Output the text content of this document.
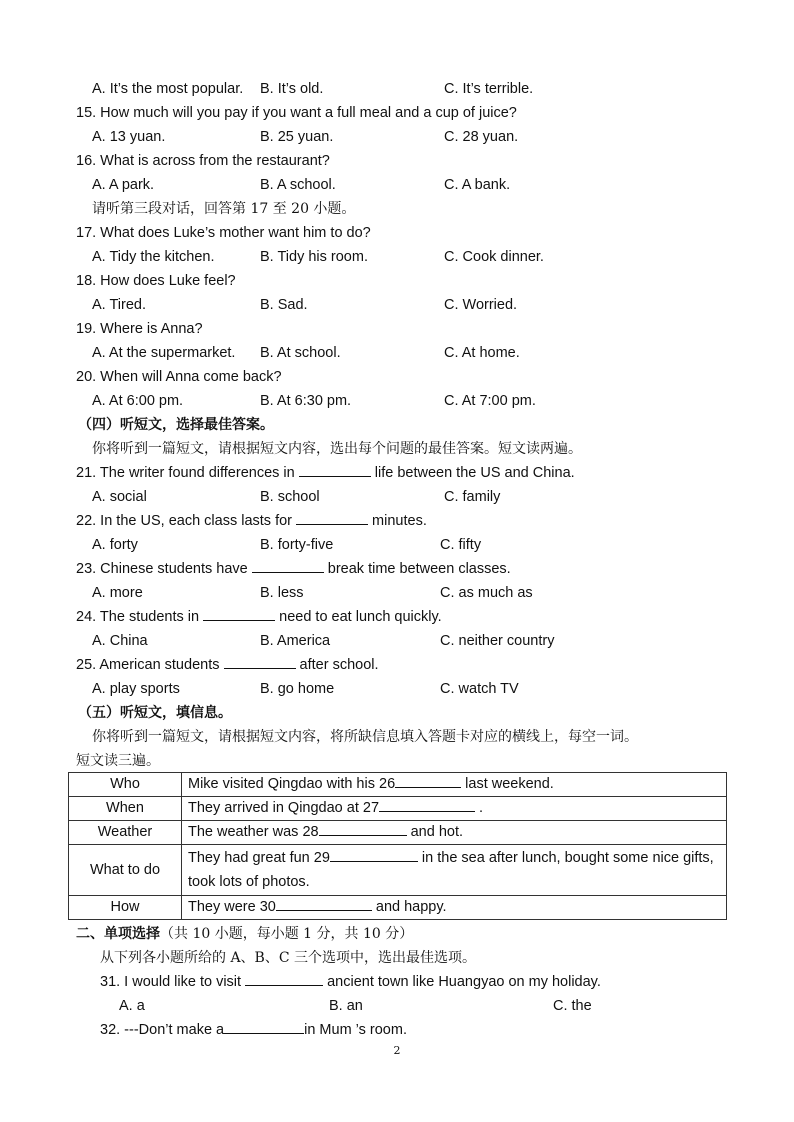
A. It’s the most popular. B. It’s old.	C. It’s terrible.
15. How much will you pay if you want a full meal and a cup of juice?
A. 13 yuan.	B. 25 yuan.	C. 28 yuan.
16. What is across from the restaurant?
A. A park.	B. A school.	C. A bank.
请听第三段对话，回答第 17 至 20 小题。
17. What does Luke’s mother want him to do?
A. Tidy the kitchen.	B. Tidy his room.	C. Cook dinner.
18. How does Luke feel?
A. Tired.	B. Sad.	C. Worried.
19. Where is Anna?
A. At the supermarket. B. At school.	C. At home.
20. When will Anna come back?
A. At 6:00 pm.	B. At 6:30 pm.	C. At 7:00 pm.
（四）听短文，选择最佳答案。
你将听到一篇短文，请根据短文内容，选出每个问题的最佳答案。短文读两遍。
21. The writer found differences in	life between the US and China.
A. social	B. school	C. family
22. In the US, each class lasts for	minutes.
A. forty	B. forty-five	C. fifty
23. Chinese students have	break time between classes.
A. more	B. less	C. as much as
24. The students in	need to eat lunch quickly.
A. China	B. America	C. neither country
25. American students	after school.
A. play sports	B. go home	C. watch TV
（五）听短文，填信息。
你将听到一篇短文，请根据短文内容，将所缺信息填入答题卡对应的横线上，每空一词。
短文读三遍。
Who	Mike visited Qingdao with his 26 last weekend.
When	They arrived in Qingdao at 27 .
Weather	The weather was 28 and hot.
What to do	They had great fun 29 in the sea after lunch, bought some nice gifts,
took lots of photos.
How	They were 30 and happy.
二、单项选择（共 10 小题，每小题 1 分，共 10 分）
从下列各小题所给的 A、B、C 三个选项中，选出最佳选项。
31. I would like to visit	ancient town like Huangyao on my holiday.
A. a	B. an	C. the
32. ---Don’t make a	in Mum ’s room.
2
